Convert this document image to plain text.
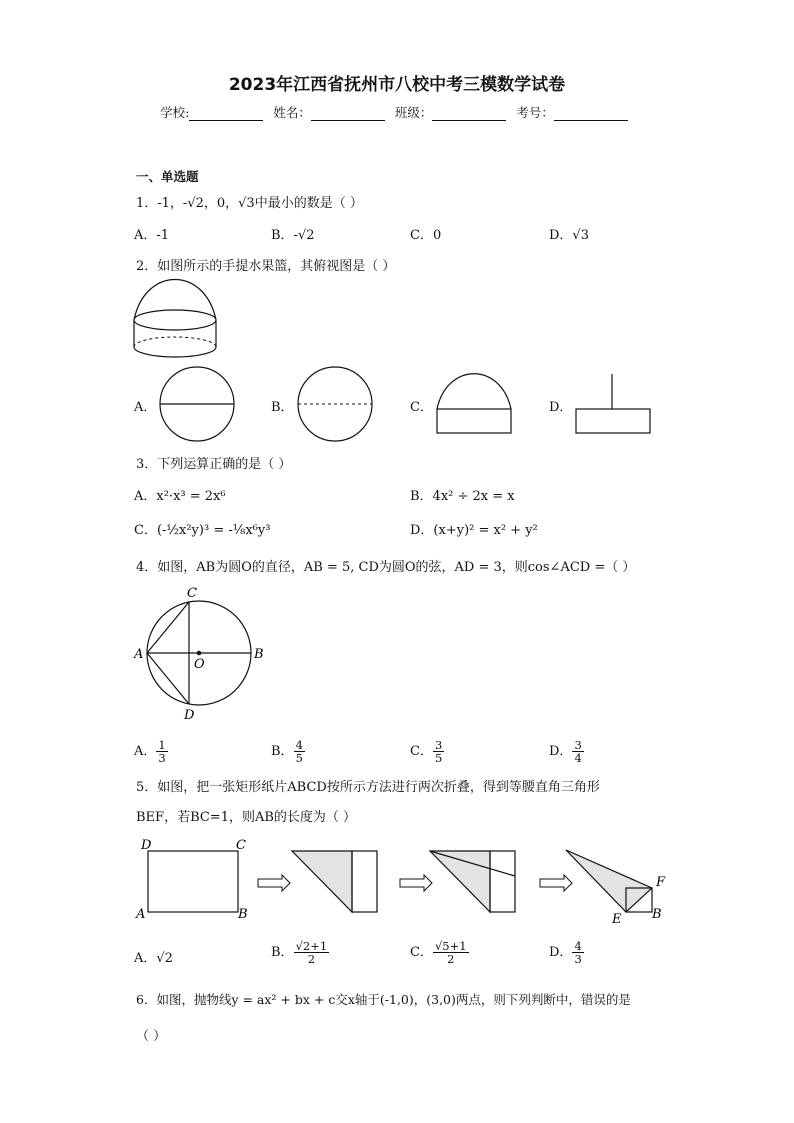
2023年江西省抚州市八校中考三模数学试卷
学校:	姓名：	班级：	考号：
一、单选题
1．-1，-√2，0，√3中最小的数是（ ）
A．-1	B．-√2	C．0	D．√3
2．如图所示的手提水果篮，其俯视图是（ ）
A．	B．	C．	D．
3．下列运算正确的是（ ）
A．x²·x³ = 2x⁶	B．4x² ÷ 2x = x
C．(-½x²y)³ = -⅛x⁶y³	D．(x+y)² = x² + y²
4．如图，AB为圆O的直径，AB = 5, CD为圆O的弦，AD = 3，则cos∠ACD =（ ）
C
A	B
O
D
A． $\frac{1}{3}$	B． $\frac{4}{5}$	C． $\frac{3}{5}$	D． $\frac{3}{4}$
5．如图，把一张矩形纸片ABCD按所示方法进行两次折叠，得到等腰直角三角形
BEF，若BC=1，则AB的长度为（ ）
D	C
A	B
F
E B
A．√2	B． $\frac{√2+1}{2}$	C． $\frac{√5+1}{2}$	D． $\frac{4}{3}$
6．如图，抛物线y = ax² + bx + c交x轴于(-1,0)，(3,0)两点，则下列判断中，错误的是
（ ）
